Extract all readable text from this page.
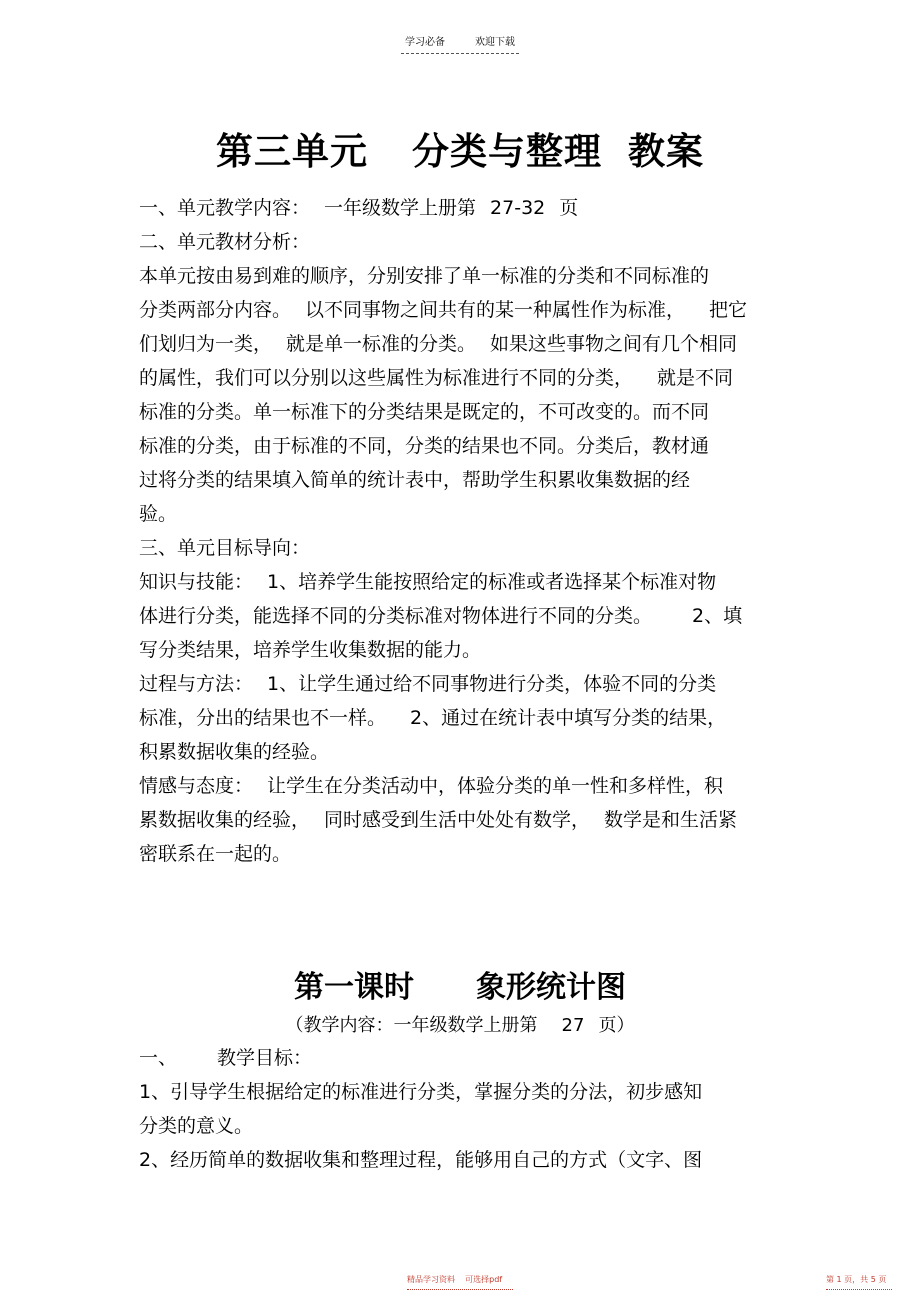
学习必备	欢迎下载
第三单元 分类与整理 教案
一、单元教学内容： 一年级数学上册第 27-32 页
二、单元教材分析：
本单元按由易到难的顺序，分别安排了单一标准的分类和不同标准的
分类两部分内容。 以不同事物之间共有的某一种属性作为标准， 把它
们划归为一类， 就是单一标准的分类。 如果这些事物之间有几个相同
的属性，我们可以分别以这些属性为标准进行不同的分类， 就是不同
标准的分类。单一标准下的分类结果是既定的，不可改变的。而不同
标准的分类，由于标准的不同，分类的结果也不同。分类后，教材通
过将分类的结果填入简单的统计表中，帮助学生积累收集数据的经
验。
三、单元目标导向：
知识与技能： 1、培养学生能按照给定的标准或者选择某个标准对物
体进行分类，能选择不同的分类标准对物体进行不同的分类。 2、填
写分类结果，培养学生收集数据的能力。
过程与方法： 1、让学生通过给不同事物进行分类，体验不同的分类
标准，分出的结果也不一样。 2、通过在统计表中填写分类的结果，
积累数据收集的经验。
情感与态度： 让学生在分类活动中，体验分类的单一性和多样性，积
累数据收集的经验， 同时感受到生活中处处有数学， 数学是和生活紧
密联系在一起的。
第一课时 象形统计图
（教学内容：一年级数学上册第 27 页）
一、 教学目标：
1、引导学生根据给定的标准进行分类，掌握分类的分法，初步感知
分类的意义。
2、经历简单的数据收集和整理过程，能够用自己的方式（文字、图
精品学习资料 可选择pdf	第 1 页，共 5 页
